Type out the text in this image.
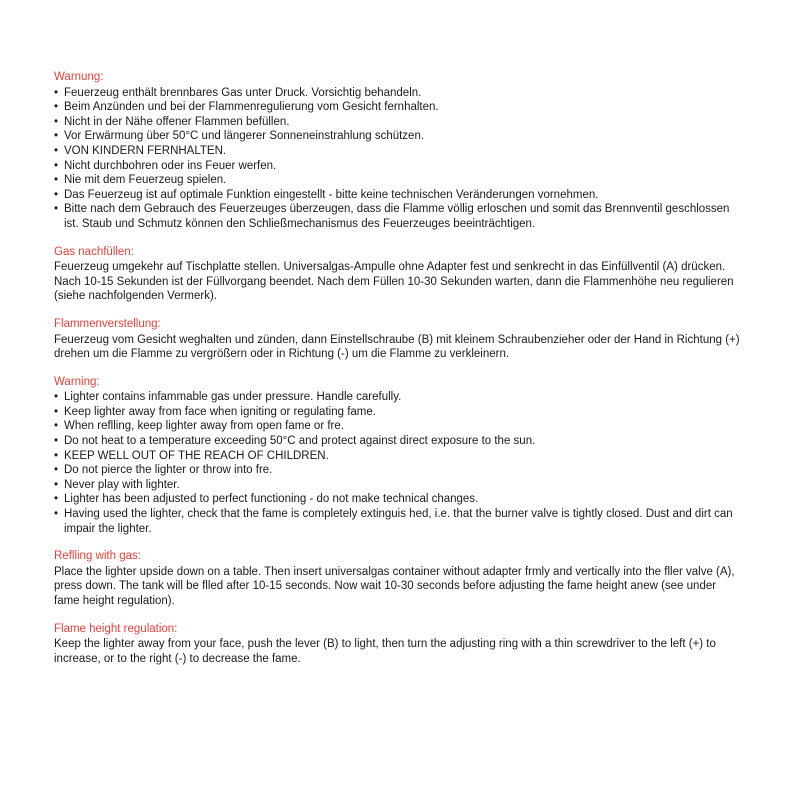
Warnung:

• Feuerzeug enthält brennbares Gas unter Druck. Vorsichtig behandeln.
• Beim Anzünden und bei der Flammenregulierung vom Gesicht fernhalten.
• Nicht in der Nähe offener Flammen befüllen.
• Vor Erwärmung über 50°C und längerer Sonneneinstrahlung schützen.
• VON KINDERN FERNHALTEN.
• Nicht durchbohren oder ins Feuer werfen.
• Nie mit dem Feuerzeug spielen.
• Das Feuerzeug ist auf optimale Funktion eingestellt - bitte keine technischen Veränderungen vornehmen.
• Bitte nach dem Gebrauch des Feuerzeuges überzeugen, dass die Flamme völlig erloschen und somit das Brennventil geschlossen ist. Staub und Schmutz können den Schließmechanismus des Feuerzeuges beeinträchtigen.

Gas nachfüllen:

Feuerzeug umgekehr auf Tischplatte stellen. Universalgas-Ampulle ohne Adapter fest und senkrecht in das Einfüllventil (A) drücken. Nach 10-15 Sekunden ist der Füllvorgang beendet. Nach dem Füllen 10-30 Sekunden warten, dann die Flammenhöhe neu regulieren (siehe nachfolgenden Vermerk).

Flammenverstellung:

Feuerzeug vom Gesicht weghalten und zünden, dann Einstellschraube (B) mit kleinem Schraubenzieher oder der Hand in Richtung (+) drehen um die Flamme zu vergrößern oder in Richtung (-) um die Flamme zu verkleinern.

Warning:

• Lighter contains infammable gas under pressure. Handle carefully.
• Keep lighter away from face when igniting or regulating fame.
• When reflling, keep lighter away from open fame or fre.
• Do not heat to a temperature exceeding 50°C and protect against direct exposure to the sun.
• KEEP WELL OUT OF THE REACH OF CHILDREN.
• Do not pierce the lighter or throw into fre.
• Never play with lighter.
• Lighter has been adjusted to perfect functioning - do not make technical changes.
• Having used the lighter, check that the fame is completely extinguis hed, i.e. that the burner valve is tightly closed. Dust and dirt can impair the lighter.

Reflling with gas:

Place the lighter upside down on a table. Then insert universalgas container without adapter frmly and vertically into the fller valve (A), press down. The tank will be flled after 10-15 seconds. Now wait 10-30 seconds before adjusting the fame height anew (see under fame height regulation).

Flame height regulation:

Keep the lighter away from your face, push the lever (B) to light, then turn the adjusting ring with a thin screwdriver to the left (+) to increase, or to the right (-) to decrease the fame.
